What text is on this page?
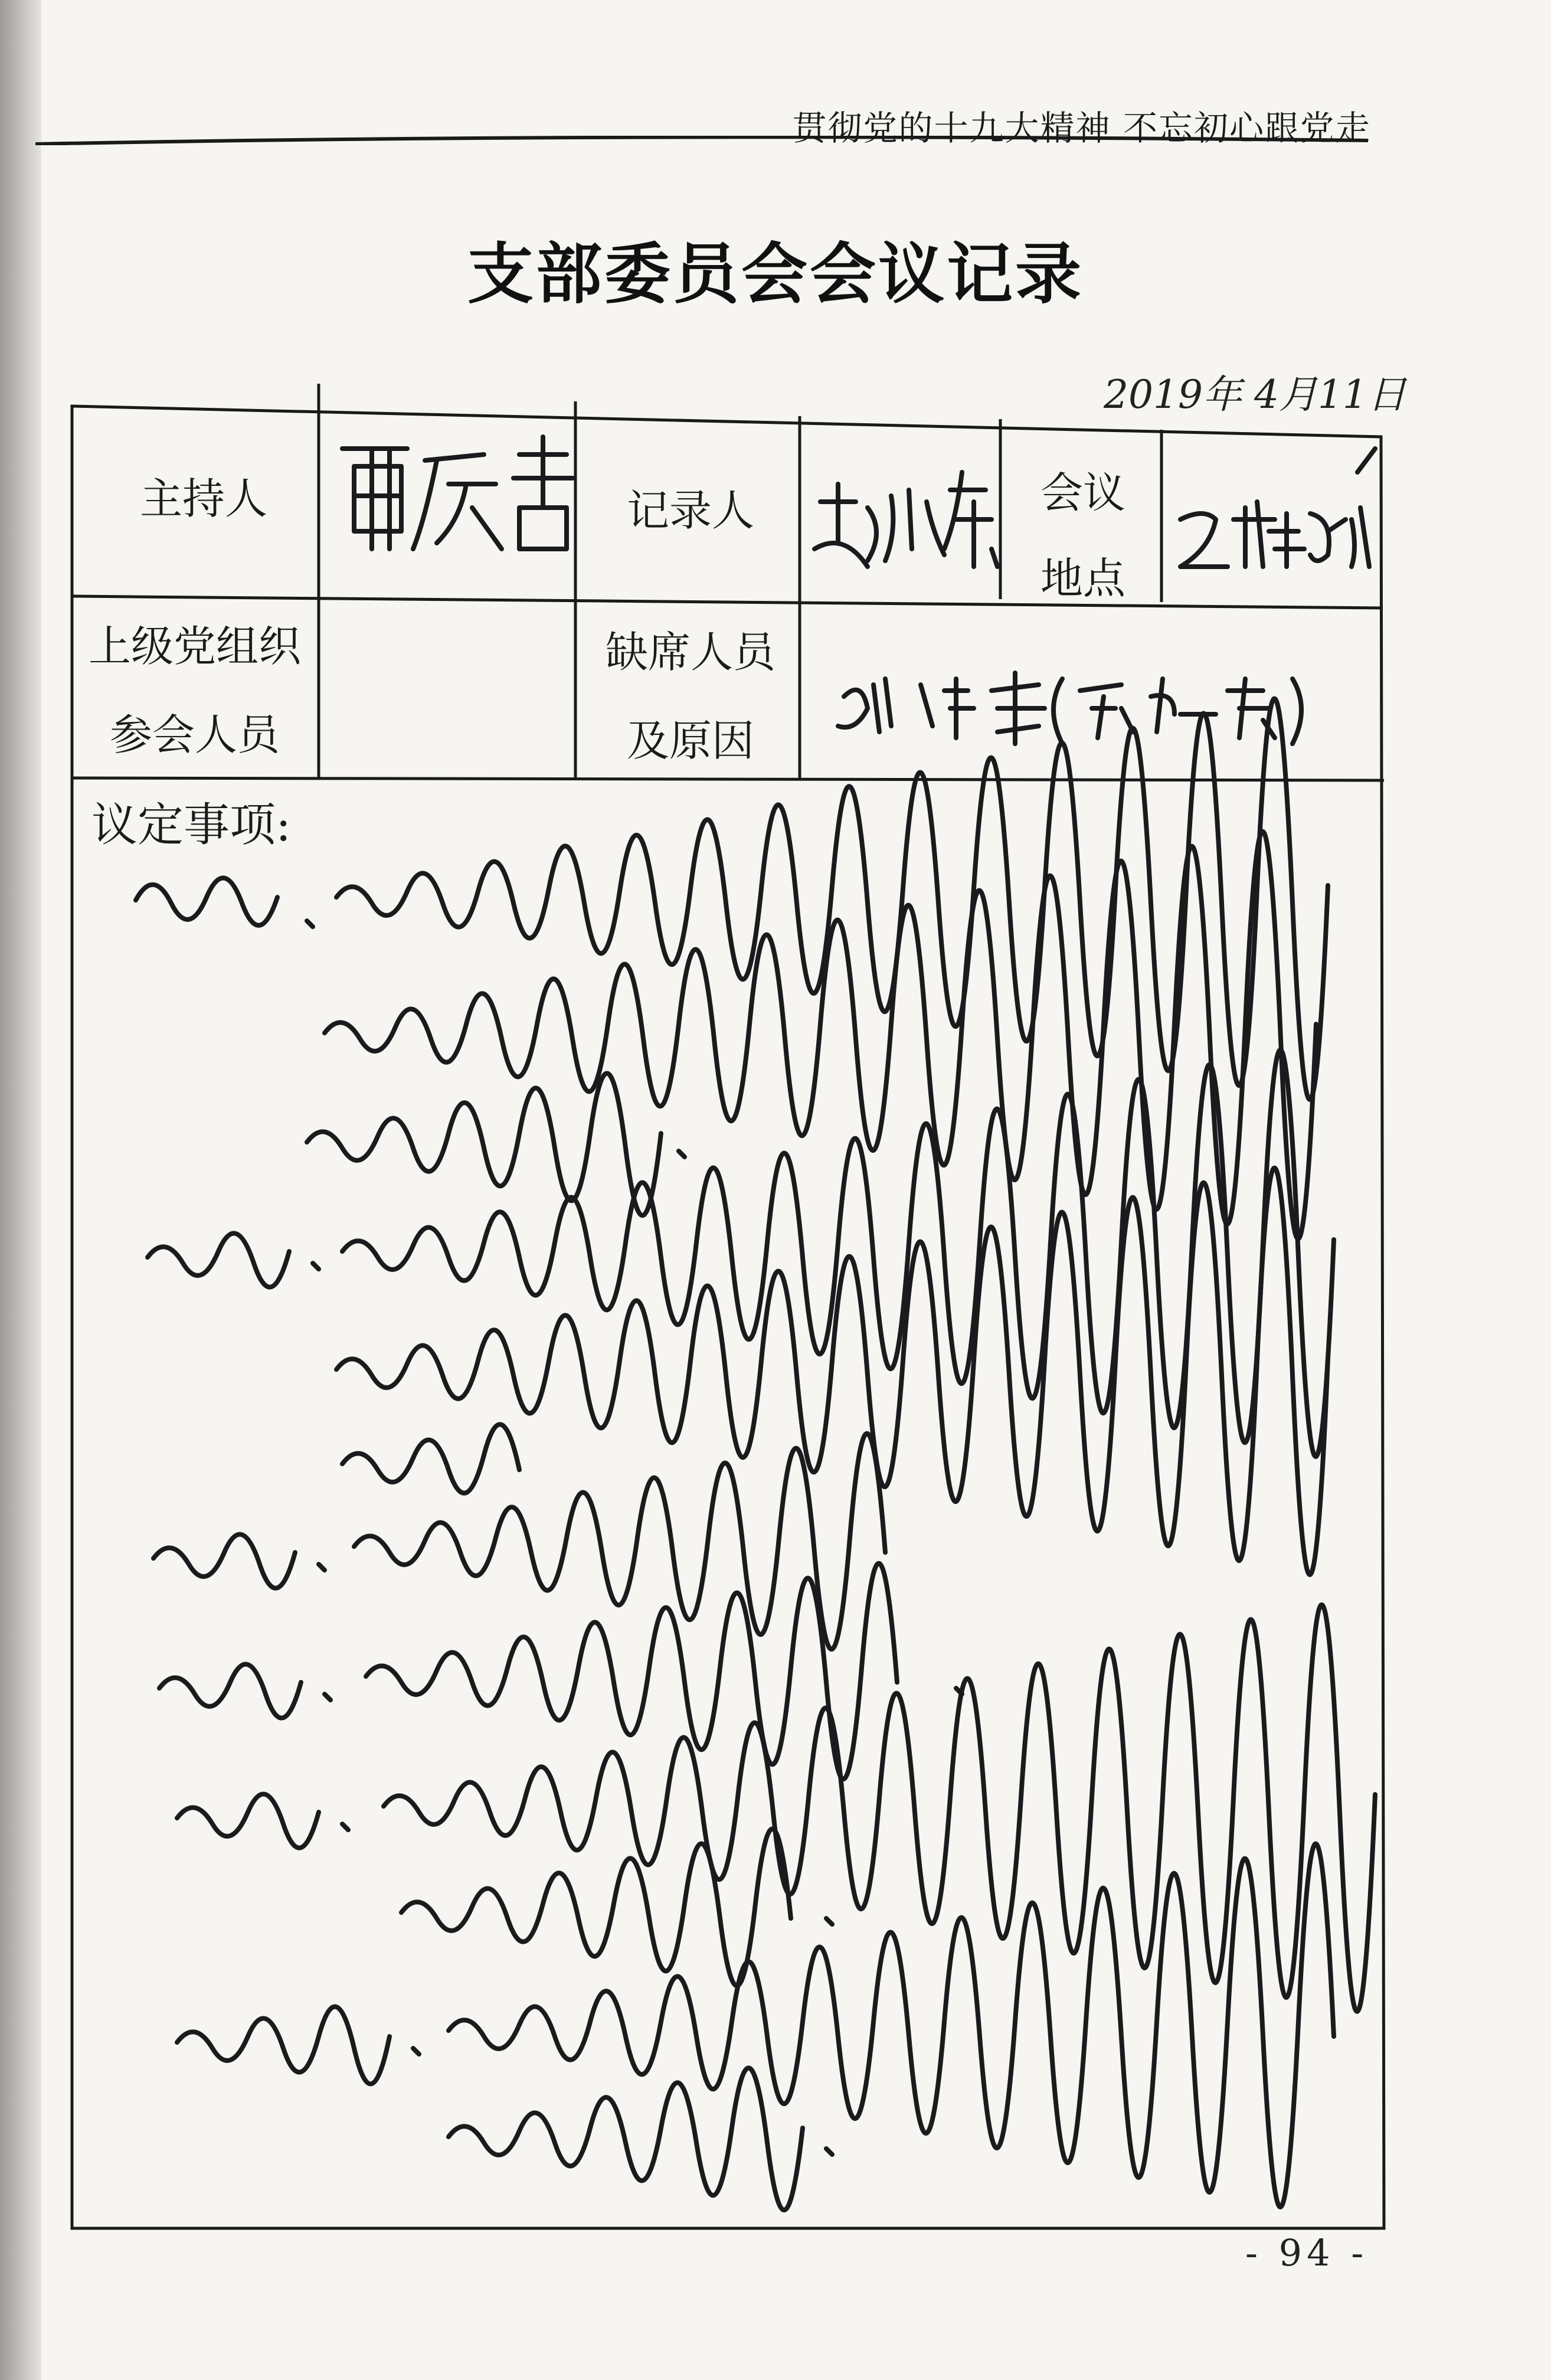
贯彻党的十九大精神 不忘初心跟党走
支部委员会会议记录
2019年 4月11日
主持人	记录人	会议
地点
上级党组织
参会人员
缺席人员
及原因
议定事项:
- 94 -
